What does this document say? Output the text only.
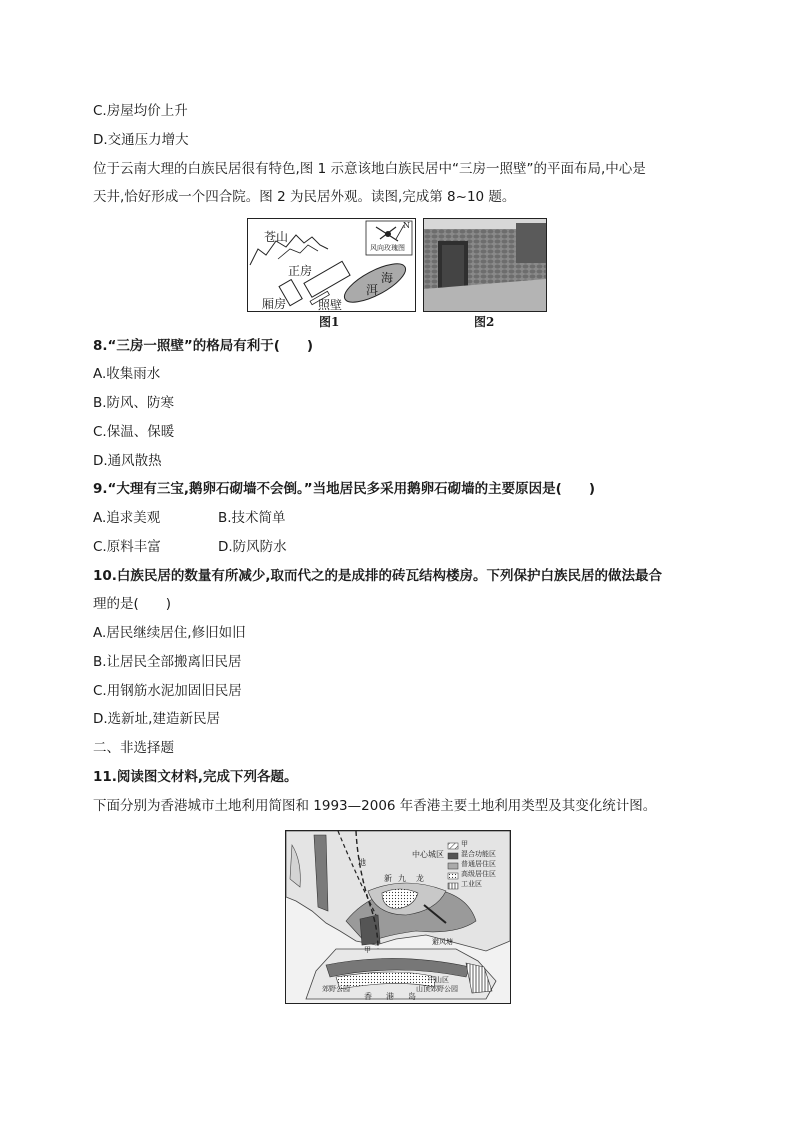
C.房屋均价上升
D.交通压力增大
位于云南大理的白族民居很有特色,图 1 示意该地白族民居中“三房一照壁”的平面布局,中心是
天井,恰好形成一个四合院。图 2 为民居外观。读图,完成第 8~10 题。
苍山
正房
厢房	照壁
海
洱
N
风向玫瑰图
图1	图2
8.“三房一照壁”的格局有利于(　　)
A.收集雨水
B.防风、防寒
C.保温、保暖
D.通风散热
9.“大理有三宝,鹅卵石砌墙不会倒。”当地居民多采用鹅卵石砌墙的主要原因是(　　)
A.追求美观	B.技术简单
C.原料丰富	D.防风防水
10.白族民居的数量有所减少,取而代之的是成排的砖瓦结构楼房。下列保护白族民居的做法最合
理的是(　　)
A.居民继续居住,修旧如旧
B.让居民全部搬离旧民居
C.用钢筋水泥加固旧民居
D.选新址,建造新民居
二、非选择题
11.阅读图文材料,完成下列各题。
下面分别为香港城市土地利用简图和 1993—2006 年香港主要土地利用类型及其变化统计图。
甲
混合功能区
普通居住区
高级居住区
工业区
中心城区
地
新 九 龙
避风塘
甲
中山区
山顶郊野公园
郊野公园
香 港 岛
